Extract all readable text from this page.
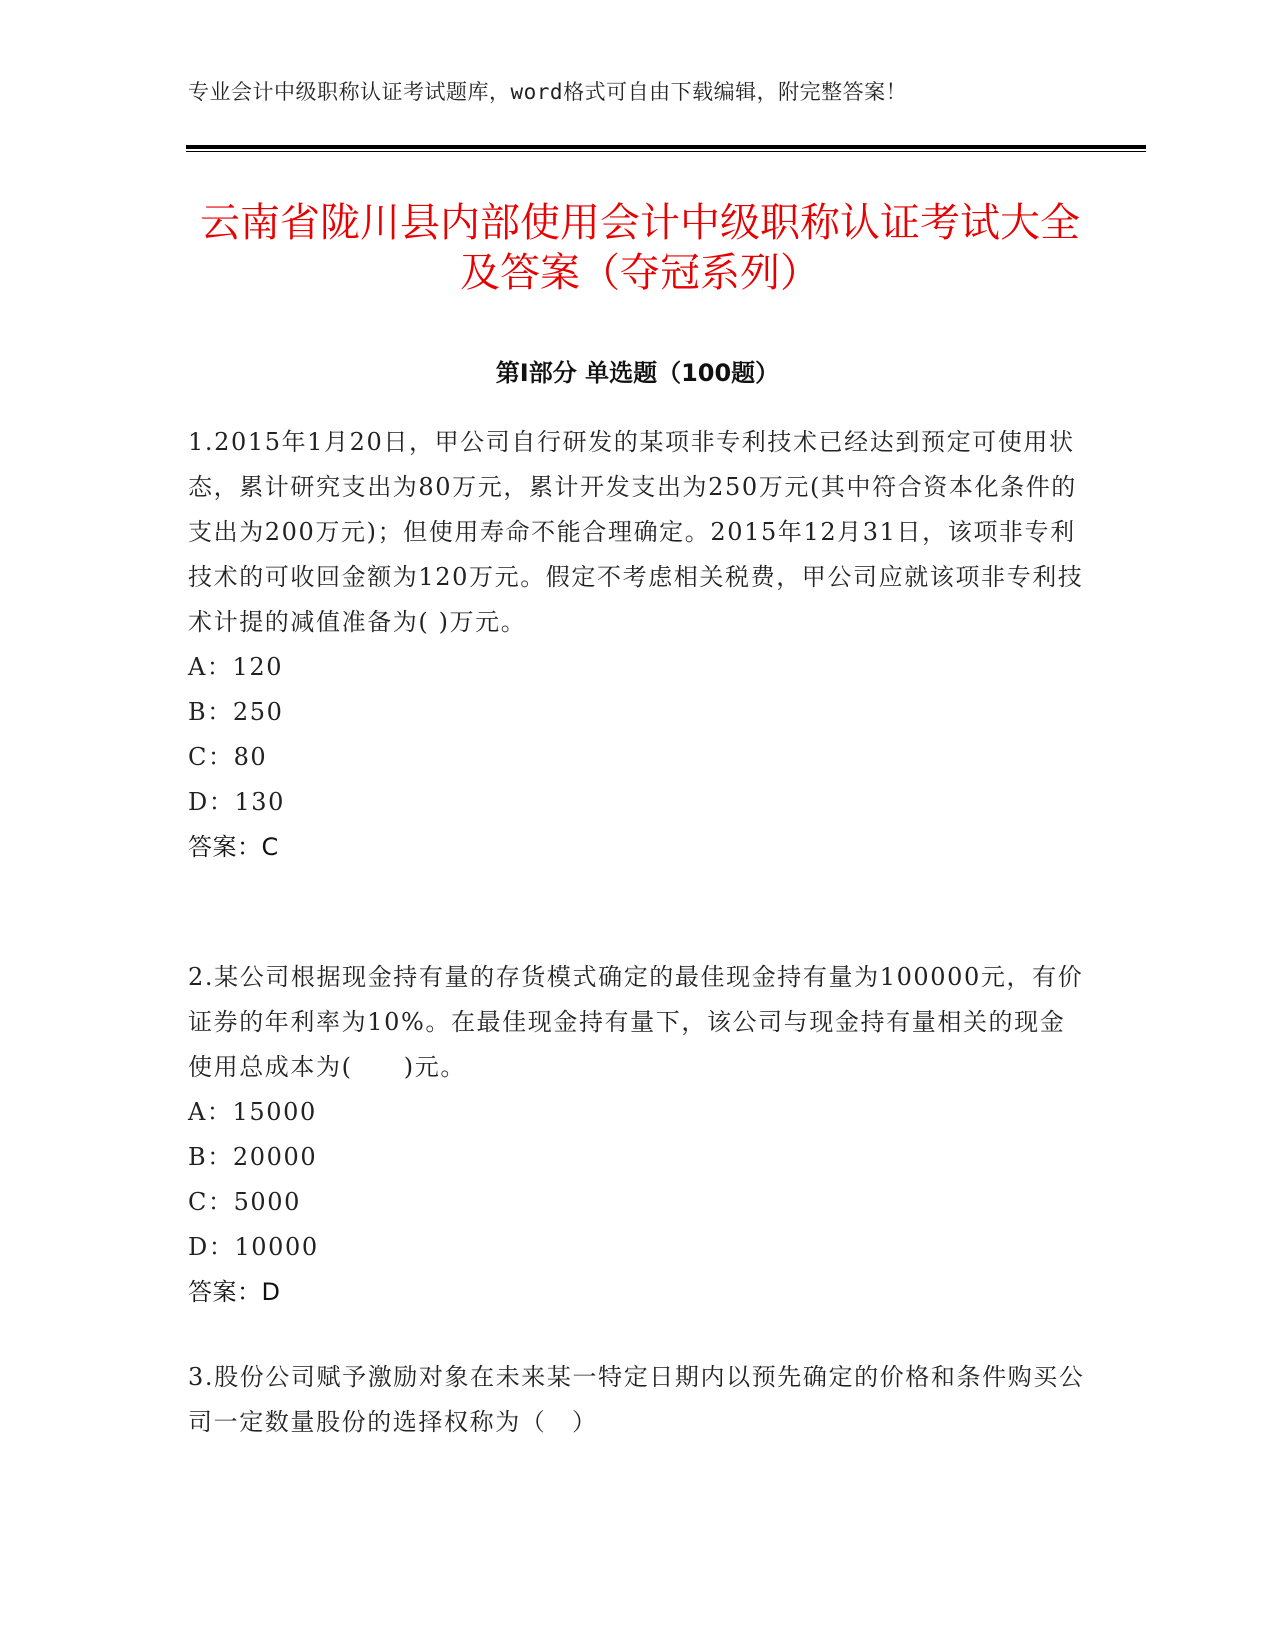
专业会计中级职称认证考试题库，word格式可自由下载编辑，附完整答案！
云南省陇川县内部使用会计中级职称认证考试大全及答案（夺冠系列）
第Ⅰ部分 单选题（100题）
1.2015年1月20日，甲公司自行研发的某项非专利技术已经达到预定可使用状态，累计研究支出为80万元，累计开发支出为250万元(其中符合资本化条件的支出为200万元)；但使用寿命不能合理确定。2015年12月31日，该项非专利技术的可收回金额为120万元。假定不考虑相关税费，甲公司应就该项非专利技术计提的减值准备为( )万元。
A：120
B：250
C：80
D：130
答案：C
2.某公司根据现金持有量的存货模式确定的最佳现金持有量为100000元，有价证券的年利率为10%。在最佳现金持有量下，该公司与现金持有量相关的现金使用总成本为(　　)元。
A：15000
B：20000
C：5000
D：10000
答案：D
3.股份公司赋予激励对象在未来某一特定日期内以预先确定的价格和条件购买公司一定数量股份的选择权称为（　）
